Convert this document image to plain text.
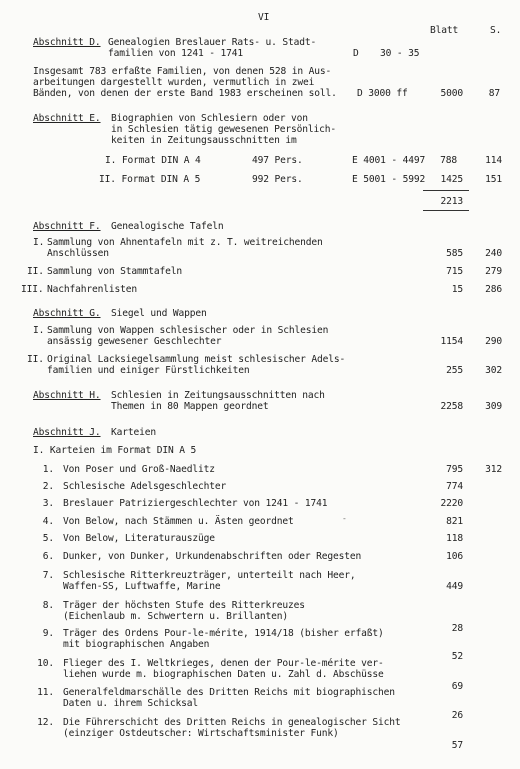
VI
Blatt	S.
Abschnitt D. Genealogien Breslauer Rats- u. Stadt-
familien von 1241 - 1741	D 30 - 35
Insgesamt 783 erfaßte Familien, von denen 528 in Aus-
arbeitungen dargestellt wurden, vermutlich in zwei
Bänden, von denen der erste Band 1983 erscheinen soll. D 3000 ff	5000	87
Abschnitt E. Biographien von Schlesiern oder von
in Schlesien tätig gewesenen Persönlich-
keiten in Zeitungsausschnitten im
I. Format DIN A 4	497 Pers.	E 4001 - 4497	788	114
II. Format DIN A 5	992 Pers.	E 5001 - 5992	1425	151
2213
Abschnitt F. Genealogische Tafeln
I. Sammlung von Ahnentafeln mit z. T. weitreichenden
Anschlüssen	585	240
II. Sammlung von Stammtafeln	715	279
III. Nachfahrenlisten	15	286
Abschnitt G. Siegel und Wappen
I. Sammlung von Wappen schlesischer oder in Schlesien
ansässig gewesener Geschlechter	1154	290
II. Original Lacksiegelsammlung meist schlesischer Adels-
familien und einiger Fürstlichkeiten	255	302
Abschnitt H. Schlesien in Zeitungsausschnitten nach
Themen in 80 Mappen geordnet	2258	309
Abschnitt J. Karteien
I. Karteien im Format DIN A 5
1. Von Poser und Groß-Naedlitz	795	312
2. Schlesische Adelsgeschlechter	774
3. Breslauer Patriziergeschlechter von 1241 - 1741	2220
4. Von Below, nach Stämmen u. Ästen geordnet	821
5. Von Below, Literaturauszüge	118
6. Dunker, von Dunker, Urkundenabschriften oder Regesten	106
7. Schlesische Ritterkreuzträger, unterteilt nach Heer,
Waffen-SS, Luftwaffe, Marine	449
8. Träger der höchsten Stufe des Ritterkreuzes
(Eichenlaub m. Schwertern u. Brillanten)
28
9. Träger des Ordens Pour-le-mérite, 1914/18 (bisher erfaßt)
mit biographischen Angaben
52
10. Flieger des I. Weltkrieges, denen der Pour-le-mérite ver-
liehen wurde m. biographischen Daten u. Zahl d. Abschüsse
69
11. Generalfeldmarschälle des Dritten Reichs mit biographischen
Daten u. ihrem Schicksal
26
12. Die Führerschicht des Dritten Reichs in genealogischer Sicht
(einziger Ostdeutscher: Wirtschaftsminister Funk)
57
‑
